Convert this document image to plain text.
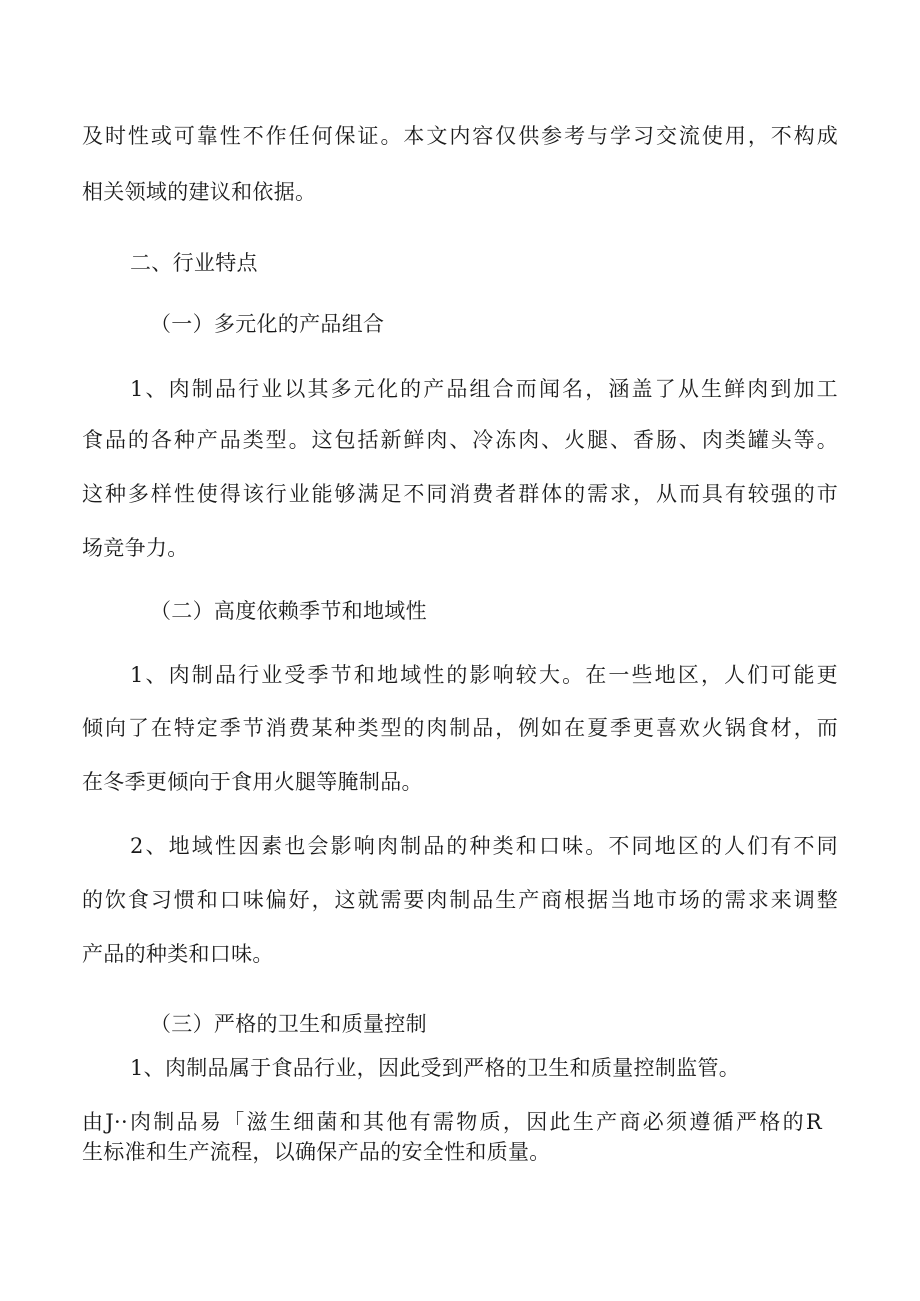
及时性或可靠性不作任何保证。本文内容仅供参考与学习交流使用，不构成
相关领域的建议和依据。
二、行业特点
（一）多元化的产品组合
1、肉制品行业以其多元化的产品组合而闻名，涵盖了从生鲜肉到加工
食品的各种产品类型。这包括新鲜肉、冷冻肉、火腿、香肠、肉类罐头等。
这种多样性使得该行业能够满足不同消费者群体的需求，从而具有较强的市
场竞争力。
（二）高度依赖季节和地域性
1、肉制品行业受季节和地域性的影响较大。在一些地区，人们可能更
倾向了在特定季节消费某种类型的肉制品，例如在夏季更喜欢火锅食材，而
在冬季更倾向于食用火腿等腌制品。
2、地域性因素也会影响肉制品的种类和口味。不同地区的人们有不同
的饮食习惯和口味偏好，这就需要肉制品生产商根据当地市场的需求来调整
产品的种类和口味。
（三）严格的卫生和质量控制
1、肉制品属于食品行业，因此受到严格的卫生和质量控制监管。
由J··肉制品易「滋生细菌和其他有需物质，因此生产商必须遵循严格的R
生标准和生产流程，以确保产品的安全性和质量。
